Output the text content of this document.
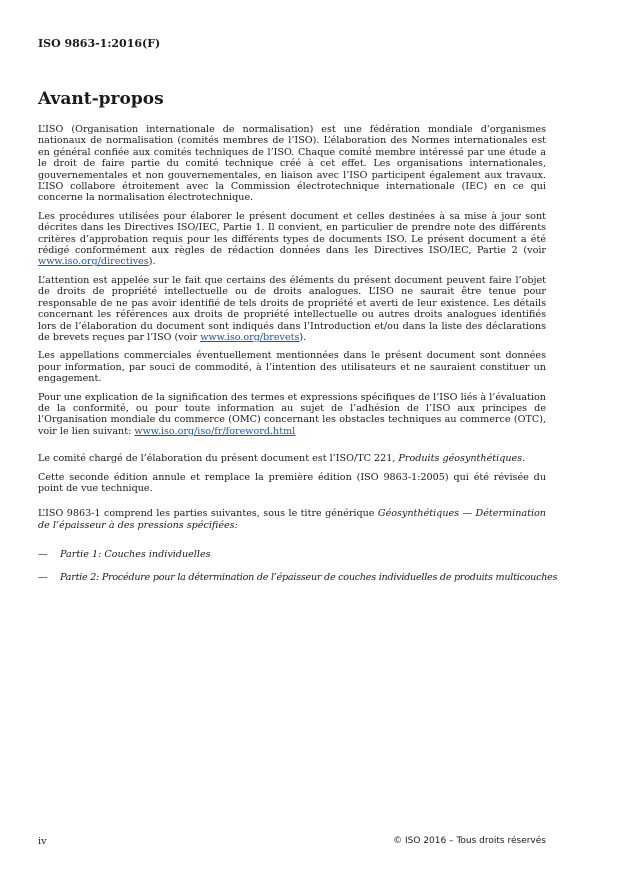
ISO 9863-1:2016(F)
Avant-propos

L’ISO (Organisation internationale de normalisation) est une fédération mondiale d’organismes nationaux de normalisation (comités membres de l’ISO). L’élaboration des Normes internationales est en général confiée aux comités techniques de l’ISO. Chaque comité membre intéressé par une étude a le droit de faire partie du comité technique créé à cet effet. Les organisations internationales, gouvernementales et non gouvernementales, en liaison avec l’ISO participent également aux travaux. L’ISO collabore étroitement avec la Commission électrotechnique internationale (IEC) en ce qui concerne la normalisation électrotechnique.

Les procédures utilisées pour élaborer le présent document et celles destinées à sa mise à jour sont décrites dans les Directives ISO/IEC, Partie 1. Il convient, en particulier de prendre note des différents critères d’approbation requis pour les différents types de documents ISO. Le présent document a été rédigé conformément aux règles de rédaction données dans les Directives ISO/IEC, Partie 2 (voir www.iso.org/directives).

L’attention est appelée sur le fait que certains des éléments du présent document peuvent faire l’objet de droits de propriété intellectuelle ou de droits analogues. L’ISO ne saurait être tenue pour responsable de ne pas avoir identifié de tels droits de propriété et averti de leur existence. Les détails concernant les références aux droits de propriété intellectuelle ou autres droits analogues identifiés lors de l’élaboration du document sont indiqués dans l’Introduction et/ou dans la liste des déclarations de brevets reçues par l’ISO (voir www.iso.org/brevets).

Les appellations commerciales éventuellement mentionnées dans le présent document sont données pour information, par souci de commodité, à l’intention des utilisateurs et ne sauraient constituer un engagement.

Pour une explication de la signification des termes et expressions spécifiques de l’ISO liés à l’évaluation de la conformité, ou pour toute information au sujet de l’adhésion de l’ISO aux principes de l’Organisation mondiale du commerce (OMC) concernant les obstacles techniques au commerce (OTC), voir le lien suivant: www.iso.org/iso/fr/foreword.html

Le comité chargé de l’élaboration du présent document est l’ISO/TC 221, Produits géosynthétiques.

Cette seconde édition annule et remplace la première édition (ISO 9863-1:2005) qui été révisée du point de vue technique.

L’ISO 9863-1 comprend les parties suivantes, sous le titre générique Géosynthétiques — Détermination de l’épaisseur à des pressions spécifiées:

—	Partie 1: Couches individuelles
—	Partie 2: Procédure pour la détermination de l’épaisseur de couches individuelles de produits multicouches
iv	© ISO 2016 – Tous droits réservés
